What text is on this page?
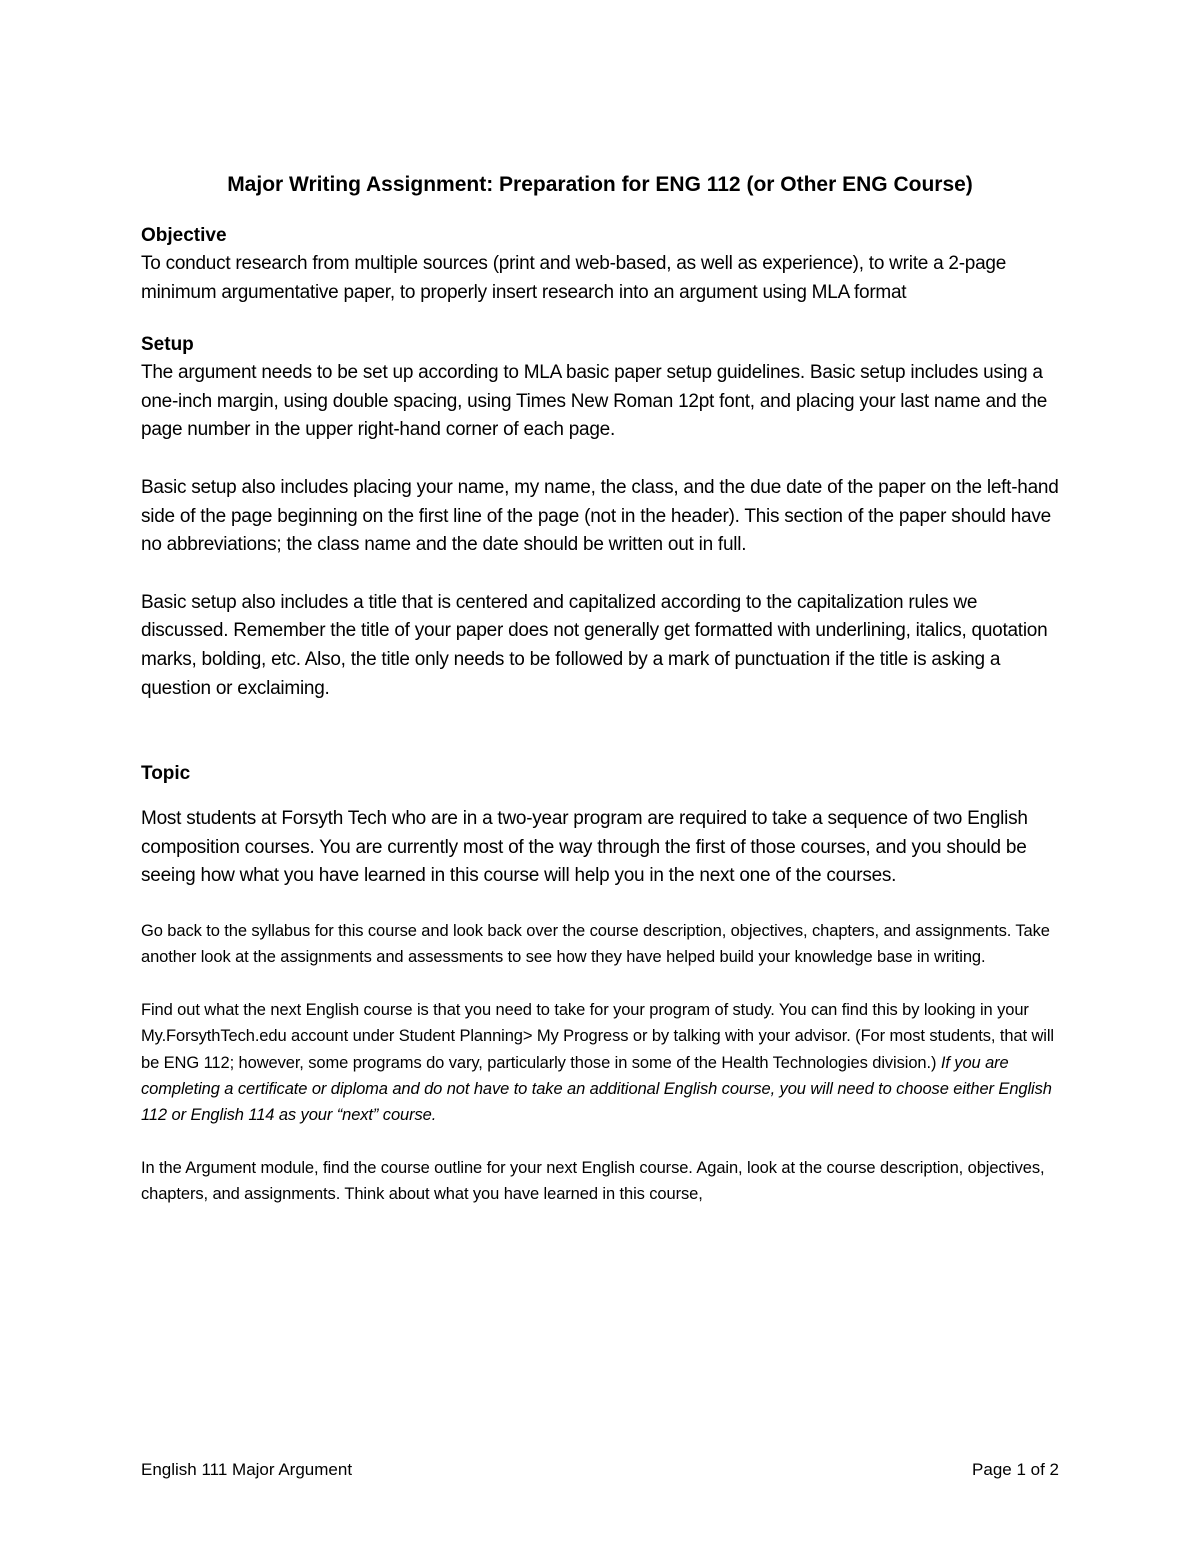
Major Writing Assignment: Preparation for ENG 112 (or Other ENG Course)

Objective

To conduct research from multiple sources (print and web-based, as well as experience), to write a 2-page minimum argumentative paper, to properly insert research into an argument using MLA format

Setup

The argument needs to be set up according to MLA basic paper setup guidelines. Basic setup includes using a one-inch margin, using double spacing, using Times New Roman 12pt font, and placing your last name and the page number in the upper right-hand corner of each page.

Basic setup also includes placing your name, my name, the class, and the due date of the paper on the left-hand side of the page beginning on the first line of the page (not in the header). This section of the paper should have no abbreviations; the class name and the date should be written out in full.

Basic setup also includes a title that is centered and capitalized according to the capitalization rules we discussed. Remember the title of your paper does not generally get formatted with underlining, italics, quotation marks, bolding, etc. Also, the title only needs to be followed by a mark of punctuation if the title is asking a question or exclaiming.

Topic

Most students at Forsyth Tech who are in a two-year program are required to take a sequence of two English composition courses. You are currently most of the way through the first of those courses, and you should be seeing how what you have learned in this course will help you in the next one of the courses.

Go back to the syllabus for this course and look back over the course description, objectives, chapters, and assignments. Take another look at the assignments and assessments to see how they have helped build your knowledge base in writing.

Find out what the next English course is that you need to take for your program of study. You can find this by looking in your My.ForsythTech.edu account under Student Planning> My Progress or by talking with your advisor. (For most students, that will be ENG 112; however, some programs do vary, particularly those in some of the Health Technologies division.) If you are completing a certificate or diploma and do not have to take an additional English course, you will need to choose either English 112 or English 114 as your “next” course.

In the Argument module, find the course outline for your next English course. Again, look at the course description, objectives, chapters, and assignments. Think about what you have learned in this course,

English 111 Major Argument	Page 1 of 2
